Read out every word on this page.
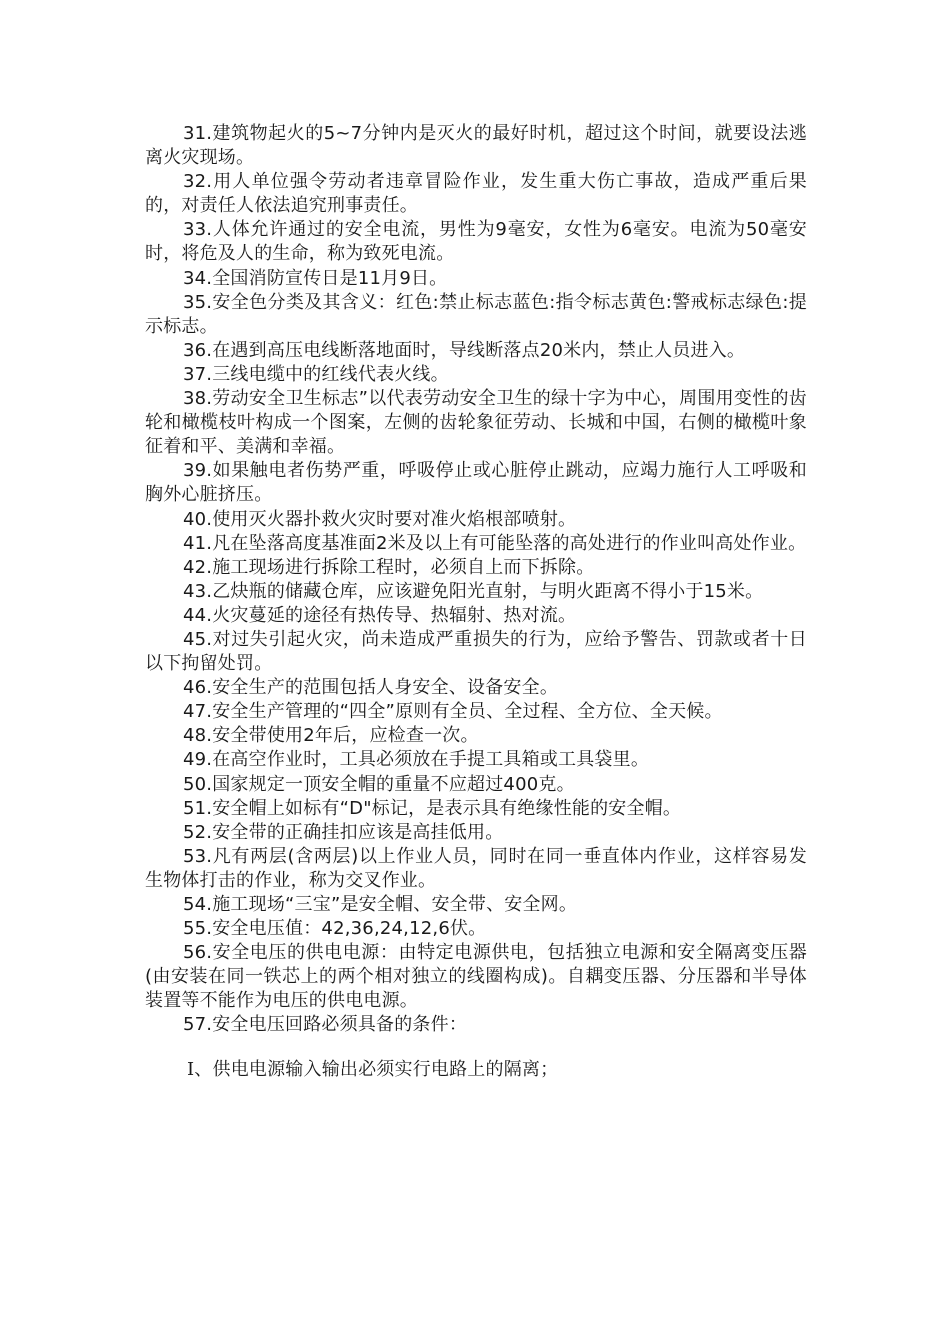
31.建筑物起火的5~7分钟内是灭火的最好时机，超过这个时间，就要设法逃离火灾现场。

32.用人单位强令劳动者违章冒险作业，发生重大伤亡事故，造成严重后果的，对责任人依法追究刑事责任。

33.人体允许通过的安全电流，男性为9毫安，女性为6毫安。电流为50毫安时，将危及人的生命，称为致死电流。

34.全国消防宣传日是11月9日。

35.安全色分类及其含义：红色:禁止标志蓝色:指令标志黄色:警戒标志绿色:提示标志。

36.在遇到高压电线断落地面时，导线断落点20米内，禁止人员进入。

37.三线电缆中的红线代表火线。

38.劳动安全卫生标志”以代表劳动安全卫生的绿十字为中心，周围用变性的齿轮和橄榄枝叶构成一个图案，左侧的齿轮象征劳动、长城和中国，右侧的橄榄叶象征着和平、美满和幸福。

39.如果触电者伤势严重，呼吸停止或心脏停止跳动，应竭力施行人工呼吸和胸外心脏挤压。

40.使用灭火器扑救火灾时要对准火焰根部喷射。

41.凡在坠落高度基准面2米及以上有可能坠落的高处进行的作业叫高处作业。

42.施工现场进行拆除工程时，必须自上而下拆除。

43.乙炔瓶的储藏仓库，应该避免阳光直射，与明火距离不得小于15米。

44.火灾蔓延的途径有热传导、热辐射、热对流。

45.对过失引起火灾，尚未造成严重损失的行为，应给予警告、罚款或者十日以下拘留处罚。

46.安全生产的范围包括人身安全、设备安全。

47.安全生产管理的“四全”原则有全员、全过程、全方位、全天候。

48.安全带使用2年后，应检查一次。

49.在高空作业时，工具必须放在手提工具箱或工具袋里。

50.国家规定一顶安全帽的重量不应超过400克。

51.安全帽上如标有“D"标记，是表示具有绝缘性能的安全帽。

52.安全带的正确挂扣应该是高挂低用。

53.凡有两层(含两层)以上作业人员，同时在同一垂直体内作业，这样容易发生物体打击的作业，称为交叉作业。

54.施工现场“三宝”是安全帽、安全带、安全网。

55.安全电压值：42,36,24,12,6伏。

56.安全电压的供电电源：由特定电源供电，包括独立电源和安全隔离变压器(由安装在同一铁芯上的两个相对独立的线圈构成)。自耦变压器、分压器和半导体装置等不能作为电压的供电电源。

57.安全电压回路必须具备的条件：

Ⅰ、供电电源输入输出必须实行电路上的隔离；
